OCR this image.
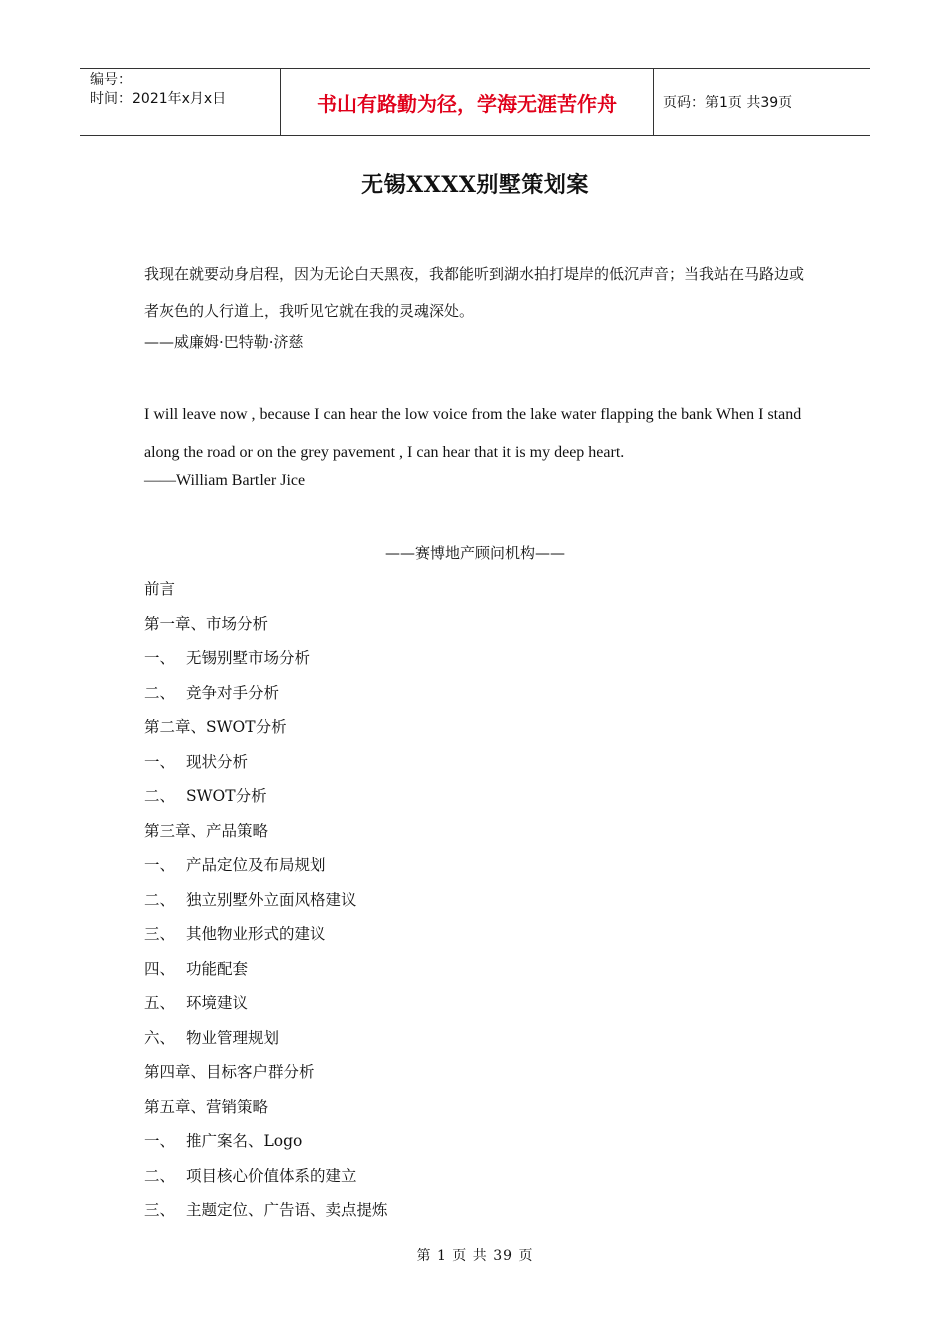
编号：
时间：2021年x月x日	书山有路勤为径，学海无涯苦作舟	页码：第1页 共39页
无锡XXXX别墅策划案
我现在就要动身启程，因为无论白天黑夜，我都能听到湖水拍打堤岸的低沉声音；当我站在马路边或者灰色的人行道上，我听见它就在我的灵魂深处。
——威廉姆·巴特勒·济慈
I will leave now , because I can hear the low voice from the lake water flapping the bank When I stand along the road or on the grey pavement , I can hear that it is my deep heart.
——William Bartler Jice
——赛博地产顾问机构——
前言
第一章、市场分析
一、 无锡别墅市场分析
二、 竞争对手分析
第二章、SWOT分析
一、 现状分析
二、 SWOT分析
第三章、产品策略
一、 产品定位及布局规划
二、 独立别墅外立面风格建议
三、 其他物业形式的建议
四、 功能配套
五、 环境建议
六、 物业管理规划
第四章、目标客户群分析
第五章、营销策略
一、 推广案名、Logo
二、 项目核心价值体系的建立
三、 主题定位、广告语、卖点提炼
第 1 页 共 39 页
